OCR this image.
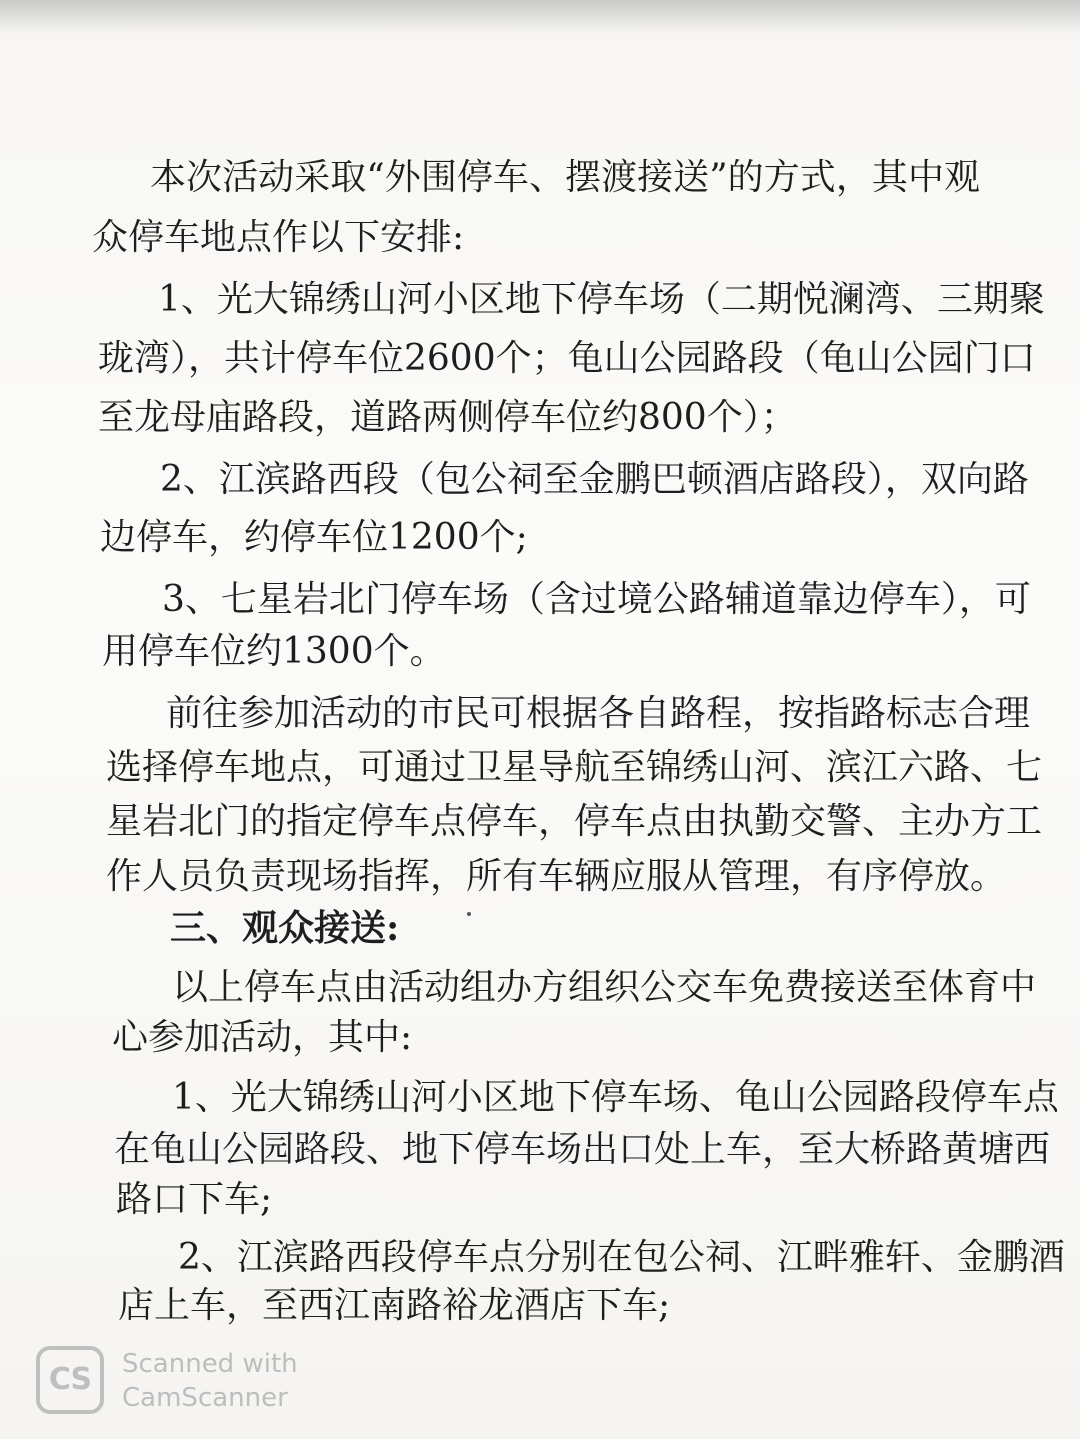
本次活动采取“外围停车、摆渡接送”的方式，其中观

众停车地点作以下安排:

1、光大锦绣山河小区地下停车场（二期悦澜湾、三期聚

珑湾），共计停车位2600个；龟山公园路段（龟山公园门口

至龙母庙路段，道路两侧停车位约800个）；

2、江滨路西段（包公祠至金鹏巴顿酒店路段），双向路

边停车，约停车位1200个;

3、七星岩北门停车场（含过境公路辅道靠边停车），可

用停车位约1300个。

前往参加活动的市民可根据各自路程，按指路标志合理

选择停车地点，可通过卫星导航至锦绣山河、滨江六路、七

星岩北门的指定停车点停车，停车点由执勤交警、主办方工

作人员负责现场指挥，所有车辆应服从管理，有序停放。

三、观众接送:

以上停车点由活动组办方组织公交车免费接送至体育中

心参加活动，其中:

1、光大锦绣山河小区地下停车场、龟山公园路段停车点

在龟山公园路段、地下停车场出口处上车，至大桥路黄塘西

路口下车;

2、江滨路西段停车点分别在包公祠、江畔雅轩、金鹏酒

店上车，至西江南路裕龙酒店下车;

CS	Scanned with
CamScanner
